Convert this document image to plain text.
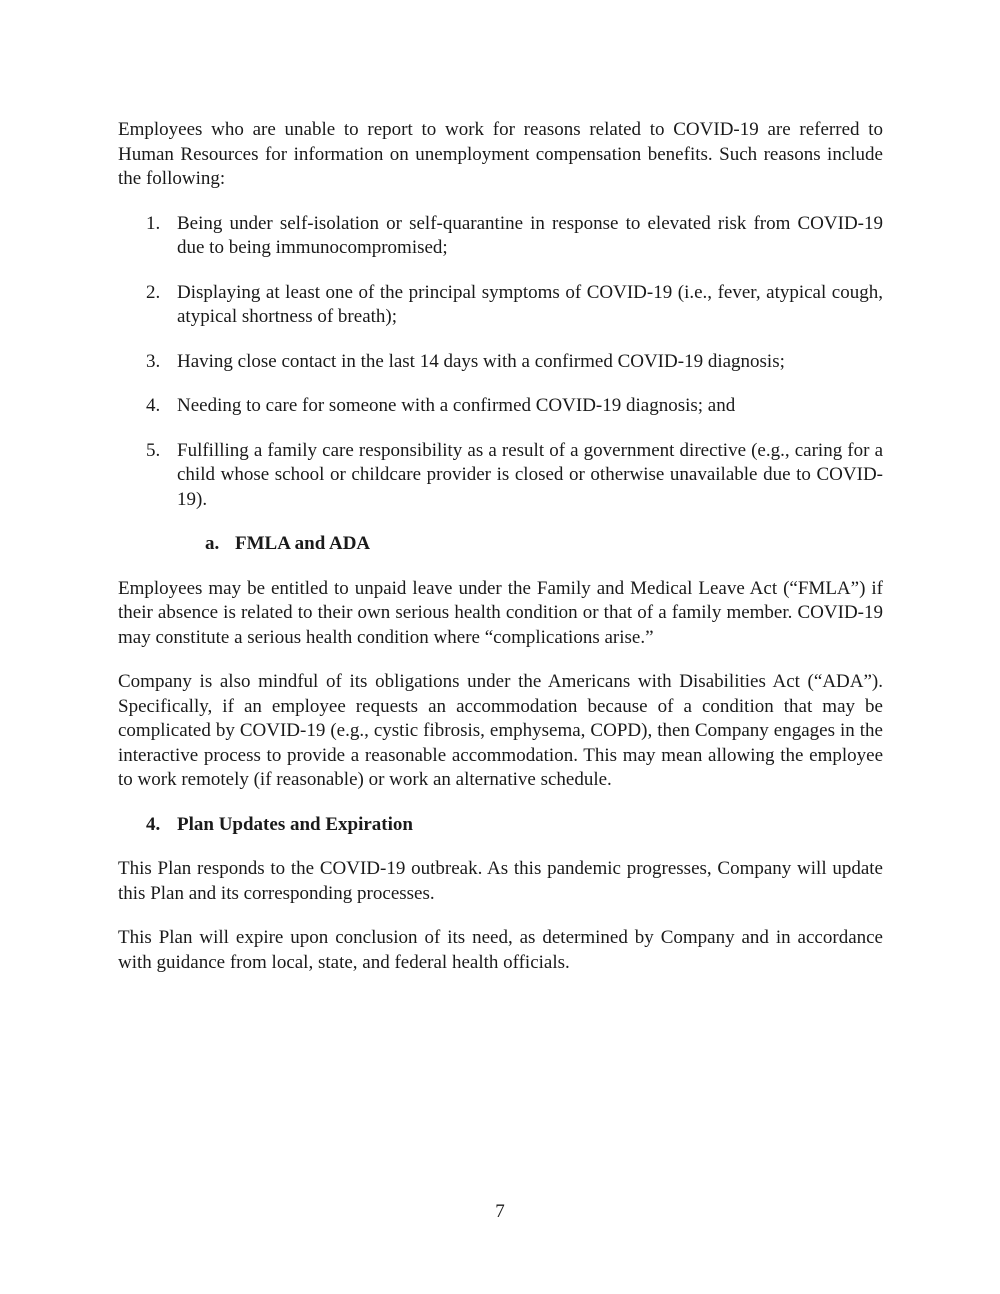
Employees who are unable to report to work for reasons related to COVID-19 are referred to Human Resources for information on unemployment compensation benefits. Such reasons include the following:

1. Being under self-isolation or self-quarantine in response to elevated risk from COVID-19 due to being immunocompromised;
2. Displaying at least one of the principal symptoms of COVID-19 (i.e., fever, atypical cough, atypical shortness of breath);
3. Having close contact in the last 14 days with a confirmed COVID-19 diagnosis;
4. Needing to care for someone with a confirmed COVID-19 diagnosis; and
5. Fulfilling a family care responsibility as a result of a government directive (e.g., caring for a child whose school or childcare provider is closed or otherwise unavailable due to COVID-19).
a. FMLA and ADA

Employees may be entitled to unpaid leave under the Family and Medical Leave Act (“FMLA”) if their absence is related to their own serious health condition or that of a family member. COVID-19 may constitute a serious health condition where “complications arise.”

Company is also mindful of its obligations under the Americans with Disabilities Act (“ADA”). Specifically, if an employee requests an accommodation because of a condition that may be complicated by COVID-19 (e.g., cystic fibrosis, emphysema, COPD), then Company engages in the interactive process to provide a reasonable accommodation. This may mean allowing the employee to work remotely (if reasonable) or work an alternative schedule.

4. Plan Updates and Expiration

This Plan responds to the COVID-19 outbreak. As this pandemic progresses, Company will update this Plan and its corresponding processes.

This Plan will expire upon conclusion of its need, as determined by Company and in accordance with guidance from local, state, and federal health officials.

7
